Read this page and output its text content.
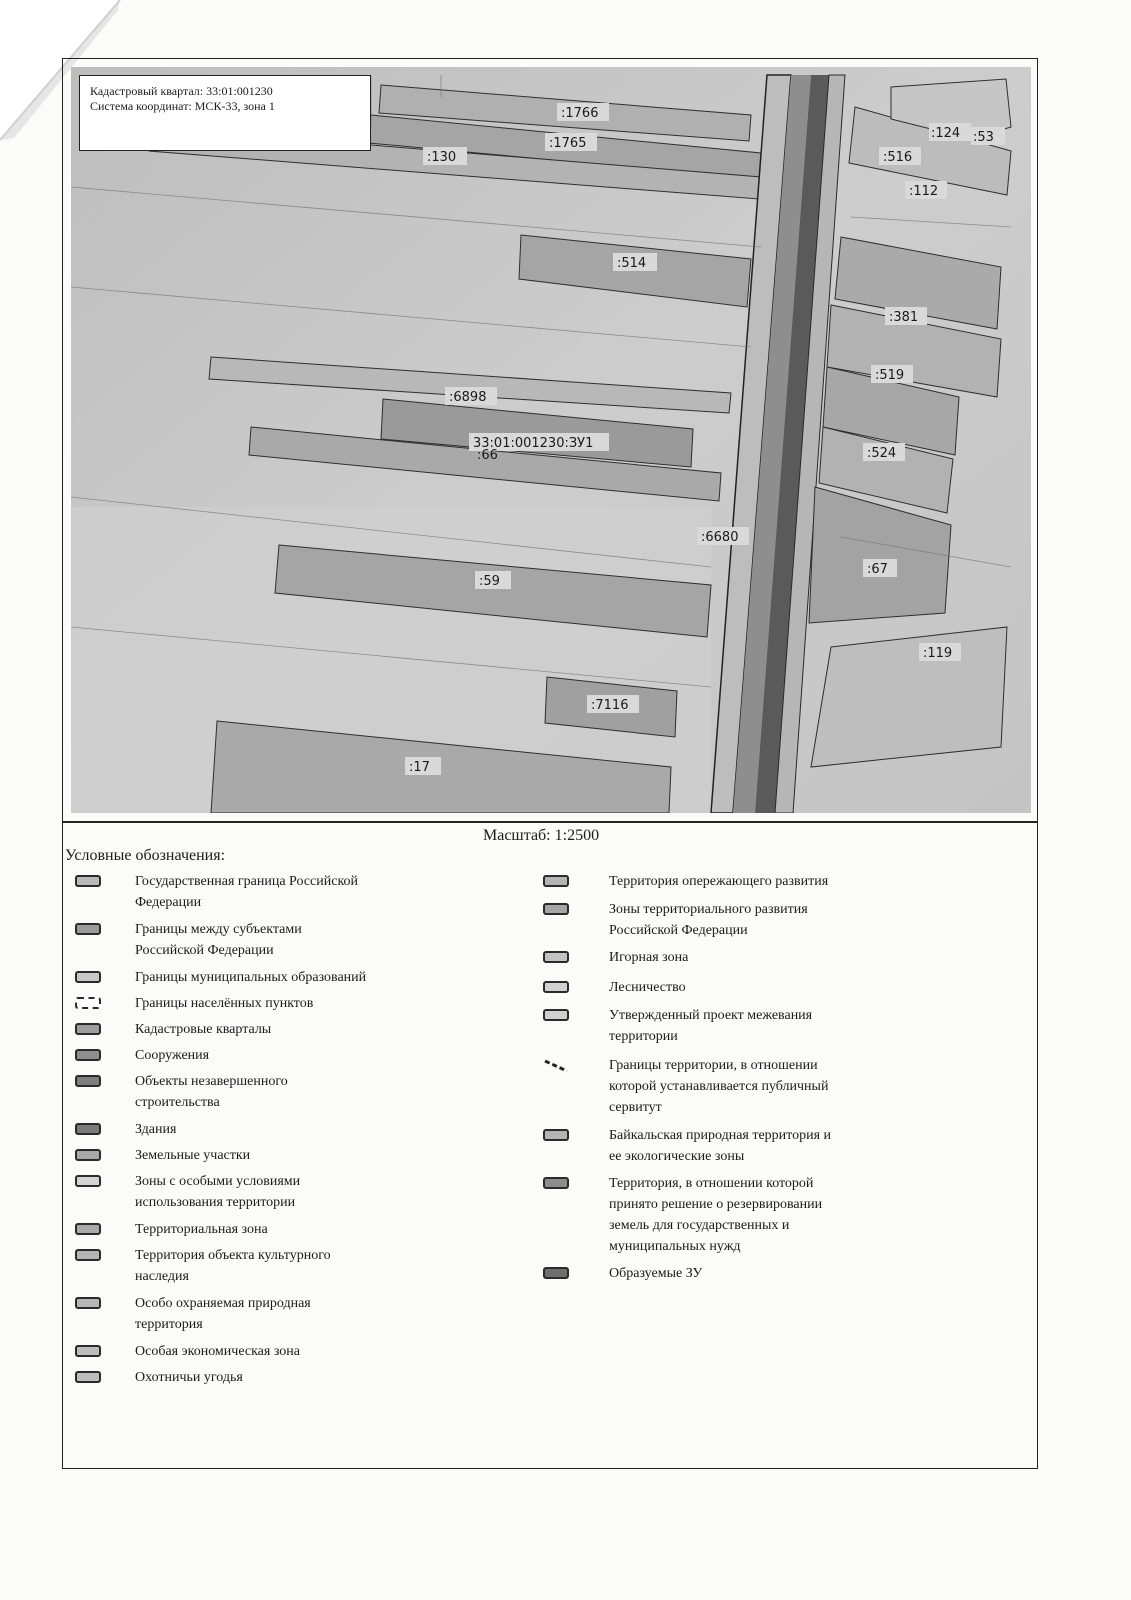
:1766
:1765
:130
:124 :53
:516
:112
:514
:381
:519
:6898
33:01:001230:ЗУ1
:66	:524
:6680
:59
:67
:119
:7116
:17
Кадастровый квартал: 33:01:001230
Система координат: МСК-33, зона 1
Масштаб: 1:2500
Условные обозначения:
Государственная граница Российской
Федерации
Границы между субъектами
Российской Федерации
Границы муниципальных образований
Границы населённых пунктов
Кадастровые кварталы
Сооружения
Объекты незавершенного
строительства
Здания
Земельные участки
Зоны с особыми условиями
использования территории
Территориальная зона
Территория объекта культурного
наследия
Особо охраняемая природная
территория
Особая экономическая зона
Охотничьи угодья
Территория опережающего развития
Зоны территориального развития
Российской Федерации
Игорная зона
Лесничество
Утвержденный проект межевания
территории
Границы территории, в отношении
которой устанавливается публичный
сервитут
Байкальская природная территория и
ее экологические зоны
Территория, в отношении которой
принято решение о резервировании
земель для государственных и
муниципальных нужд
Образуемые ЗУ
